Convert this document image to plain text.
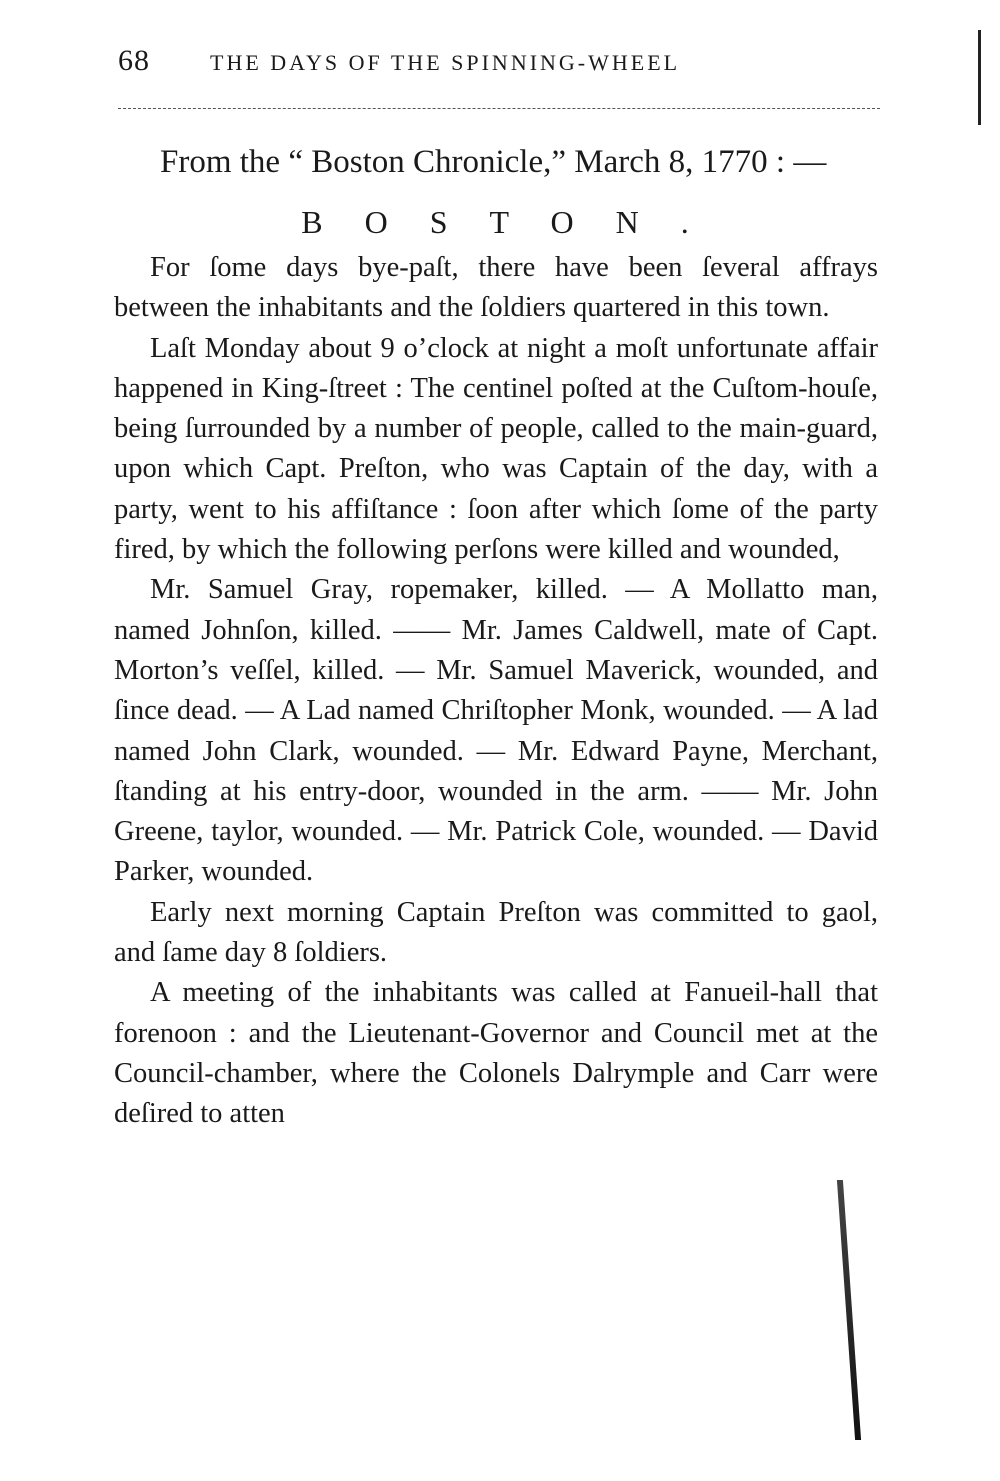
68	THE DAYS OF THE SPINNING-WHEEL

From the “ Boston Chronicle,” March 8, 1770 : —

BOSTON.

For ſome days bye-paſt, there have been ſeveral affrays between the inhabitants and the ſoldiers quartered in this town.

Laſt Monday about 9 o’clock at night a moſt unfortunate affair happened in King-ſtreet : The centinel poſted at the Cuſtom-houſe, being ſurrounded by a number of people, called to the main-guard, upon which Capt. Preſton, who was Captain of the day, with a party, went to his affiſtance : ſoon after which ſome of the party fired, by which the following perſons were killed and wounded,

Mr. Samuel Gray, ropemaker, killed. — A Mollatto man, named Johnſon, killed. —— Mr. James Caldwell, mate of Capt. Morton’s veſſel, killed. — Mr. Samuel Maverick, wounded, and ſince dead. — A Lad named Chriſtopher Monk, wounded. — A lad named John Clark, wounded. — Mr. Edward Payne, Merchant, ſtanding at his entry-door, wounded in the arm. —— Mr. John Greene, taylor, wounded. — Mr. Patrick Cole, wounded. — David Parker, wounded.

Early next morning Captain Preſton was committed to gaol, and ſame day 8 ſoldiers.

A meeting of the inhabitants was called at Fanueil-hall that forenoon : and the Lieutenant-Governor and Council met at the Council-chamber, where the Colonels Dalrymple and Carr were deſired to atten
